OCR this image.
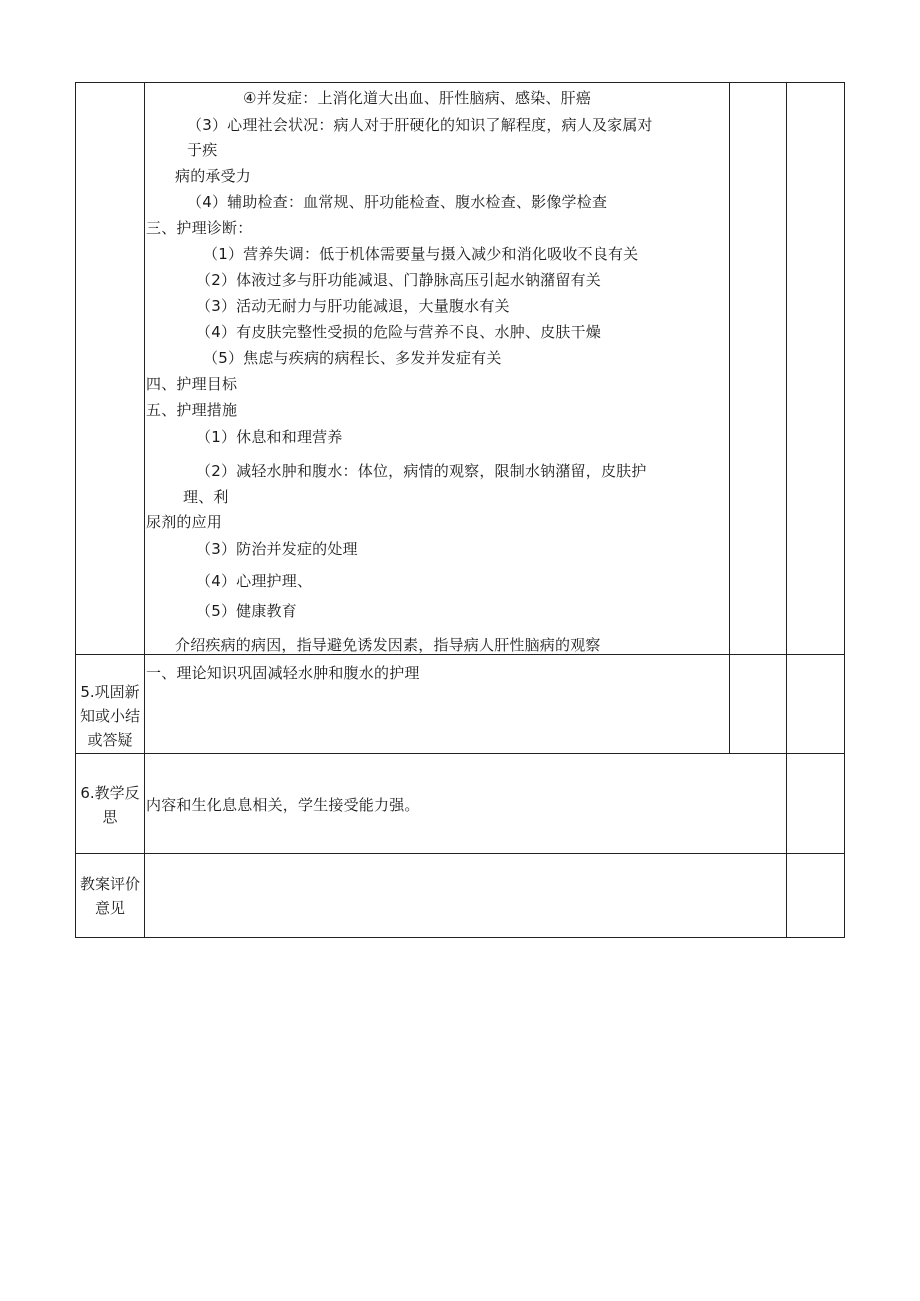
④并发症：上消化道大出血、肝性脑病、感染、肝癌
（3）心理社会状况：病人对于肝硬化的知识了解程度，病人及家属对
于疾
病的承受力
（4）辅助检查：血常规、肝功能检查、腹水检查、影像学检查
三、护理诊断：
（1）营养失调：低于机体需要量与摄入减少和消化吸收不良有关
（2）体液过多与肝功能减退、门静脉高压引起水钠潴留有关
（3）活动无耐力与肝功能减退，大量腹水有关
（4）有皮肤完整性受损的危险与营养不良、水肿、皮肤干燥
（5）焦虑与疾病的病程长、多发并发症有关
四、护理目标
五、护理措施
（1）休息和和理营养
（2）减轻水肿和腹水：体位，病情的观察，限制水钠潴留，皮肤护
理、利
尿剂的应用
（3）防治并发症的处理
（4）心理护理、
（5）健康教育
介绍疾病的病因，指导避免诱发因素，指导病人肝性脑病的观察
5.巩固新知或小结或答疑
一、理论知识巩固减轻水肿和腹水的护理
6.教学反思
内容和生化息息相关，学生接受能力强。
教案评价意见
